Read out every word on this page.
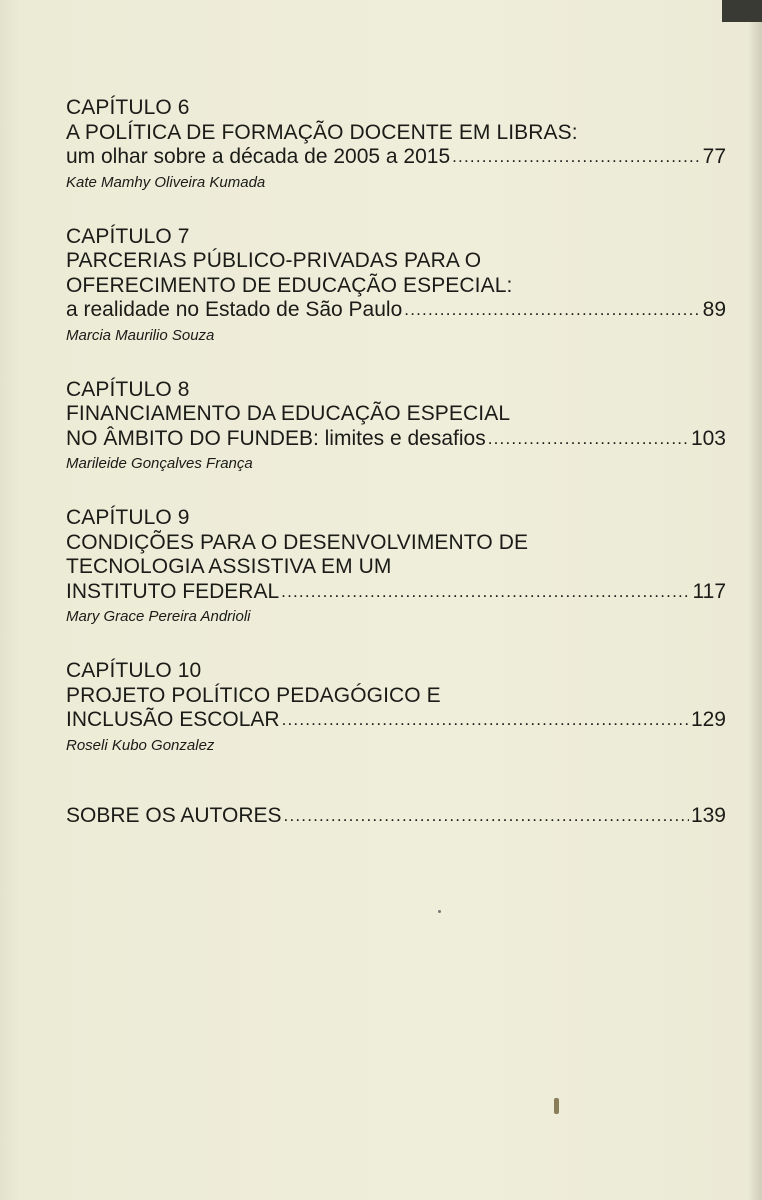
CAPÍTULO 6
A POLÍTICA DE FORMAÇÃO DOCENTE EM LIBRAS:
um olhar sobre a década de 2005 a 2015 .....	77
Kate Mamhy Oliveira Kumada
CAPÍTULO 7
PARCERIAS PÚBLICO-PRIVADAS PARA O
OFERECIMENTO DE EDUCAÇÃO ESPECIAL:
a realidade no Estado de São Paulo .....	89
Marcia Maurilio Souza
CAPÍTULO 8
FINANCIAMENTO DA EDUCAÇÃO ESPECIAL
NO ÂMBITO DO FUNDEB: limites e desafios .....	103
Marileide Gonçalves França
CAPÍTULO 9
CONDIÇÕES PARA O DESENVOLVIMENTO DE
TECNOLOGIA ASSISTIVA EM UM
INSTITUTO FEDERAL .....	117
Mary Grace Pereira Andrioli
CAPÍTULO 10
PROJETO POLÍTICO PEDAGÓGICO E
INCLUSÃO ESCOLAR .....	129
Roseli Kubo Gonzalez
SOBRE OS AUTORES .....	139
